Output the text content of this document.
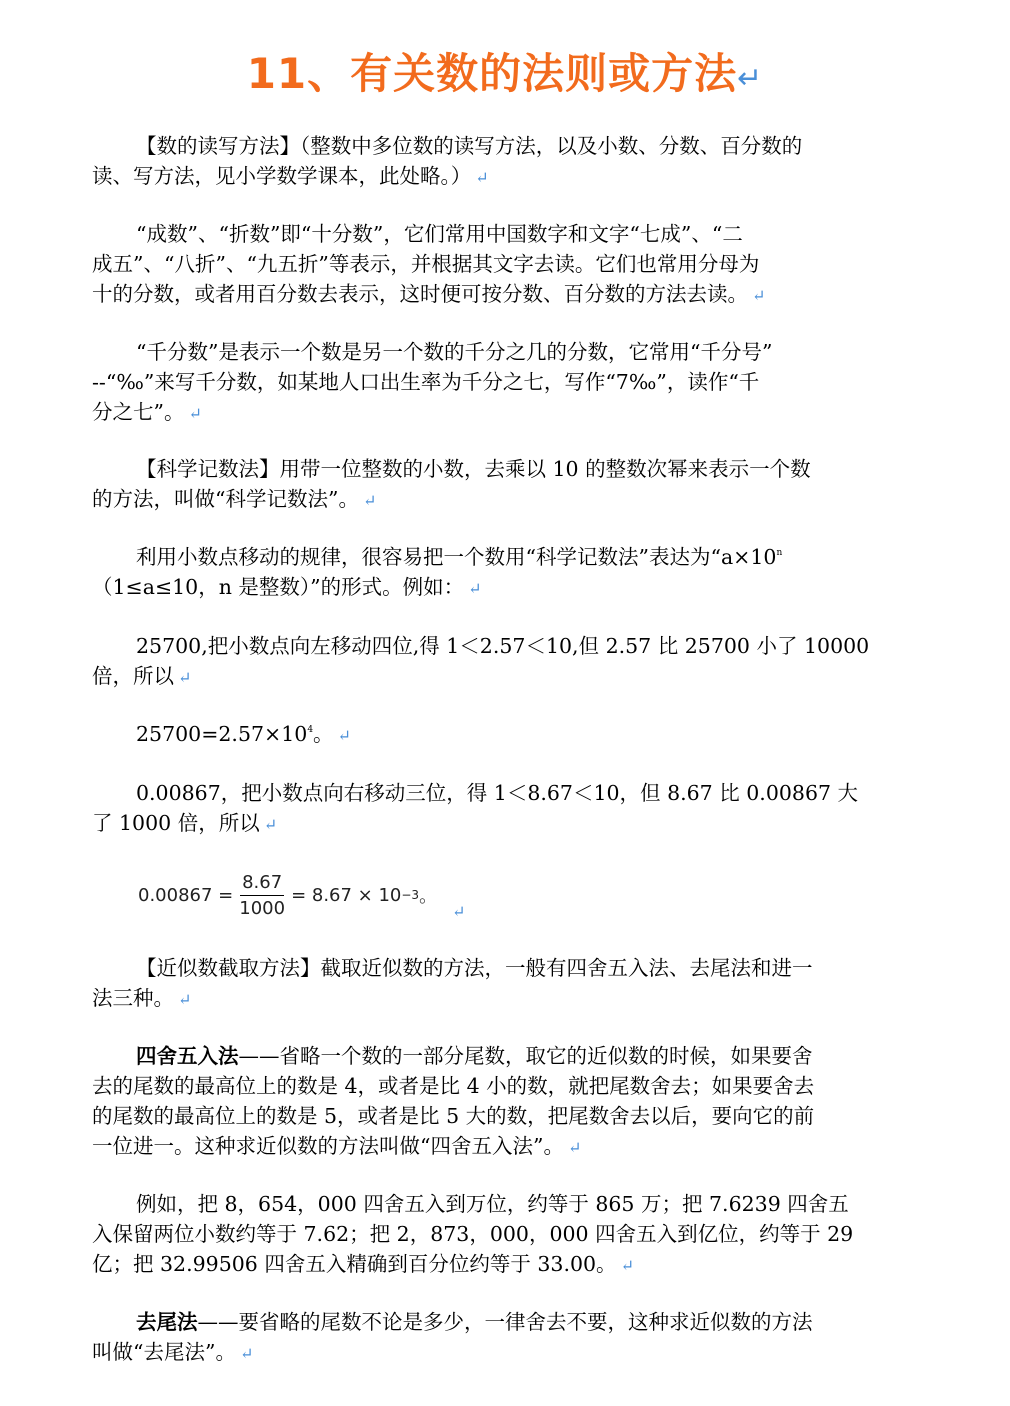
11、有关数的法则或方法↵
【数的读写方法】（整数中多位数的读写方法，以及小数、分数、百分数的
读、写方法，见小学数学课本，此处略。） ↵
“成数”、“折数”即“十分数”，它们常用中国数字和文字“七成”、“二
成五”、“八折”、“九五折”等表示，并根据其文字去读。它们也常用分母为
十的分数，或者用百分数去表示，这时便可按分数、百分数的方法去读。 ↵
“千分数”是表示一个数是另一个数的千分之几的分数，它常用“千分号”
--“‰”来写千分数，如某地人口出生率为千分之七，写作“7‰”，读作“千
分之七”。 ↵
【科学记数法】用带一位整数的小数，去乘以 10 的整数次幂来表示一个数
的方法，叫做“科学记数法”。 ↵
利用小数点移动的规律，很容易把一个数用“科学记数法”表达为“$a\times 10^n$
（1≤a≤10，n 是整数）”的形式。例如： ↵
25700,把小数点向左移动四位,得 1＜2.57＜10,但 2.57 比 25700 小了 10000
倍，所以 ↵
$25700=2.57\times 10^4$。 ↵
0.00867，把小数点向右移动三位，得 1＜8.67＜10，但 8.67 比 0.00867 大
了 1000 倍，所以 ↵
$0.00867 = \frac{8.67}{1000} = 8.67 \times 10 -3$ 。
↵
【近似数截取方法】截取近似数的方法，一般有四舍五入法、去尾法和进一
法三种。 ↵
四舍五入法——省略一个数的一部分尾数，取它的近似数的时候，如果要舍
去的尾数的最高位上的数是 4，或者是比 4 小的数，就把尾数舍去；如果要舍去
的尾数的最高位上的数是 5，或者是比 5 大的数，把尾数舍去以后，要向它的前
一位进一。这种求近似数的方法叫做“四舍五入法”。 ↵
例如，把 8，654，000 四舍五入到万位，约等于 865 万；把 7.6239 四舍五
入保留两位小数约等于 7.62；把 2，873，000，000 四舍五入到亿位，约等于 29
亿；把 32.99506 四舍五入精确到百分位约等于 33.00。 ↵
去尾法——要省略的尾数不论是多少，一律舍去不要，这种求近似数的方法
叫做“去尾法”。 ↵
